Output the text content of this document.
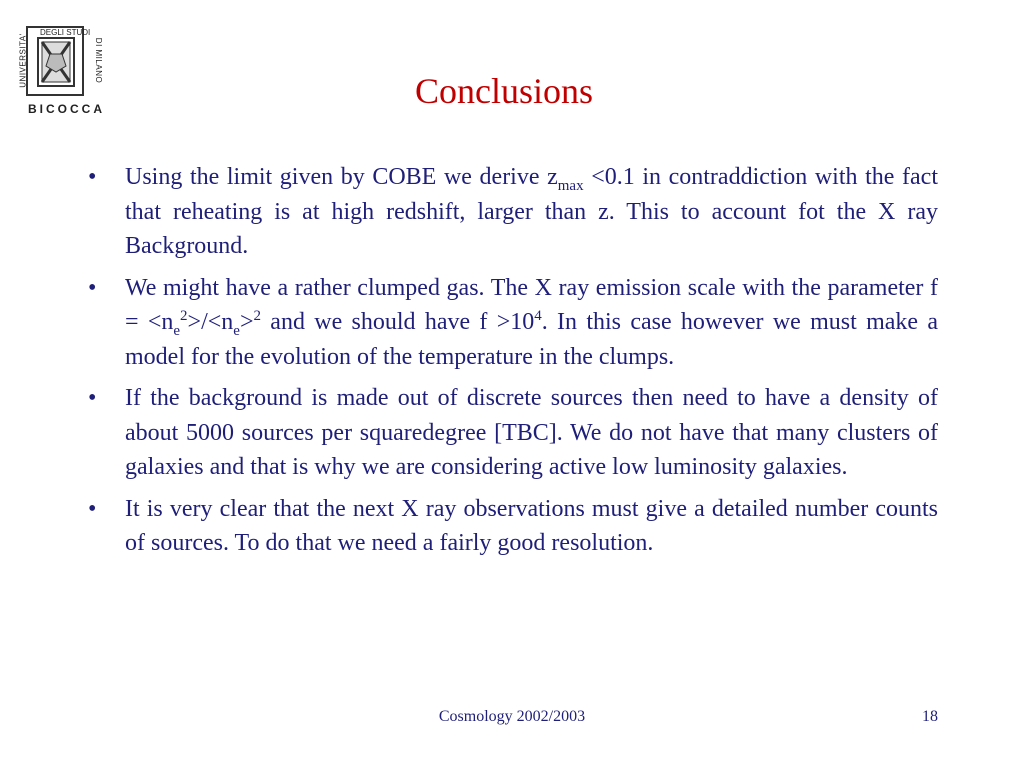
UNIVERSITA'
DEGLI STUDI
DI MILANO
BICOCCA	Conclusions
• Using the limit given by COBE we derive $z_{max} <0.1$ in contraddiction with the fact that reheating is at high redshift, larger than z. This to account fot the X ray Background.
• We might have a rather clumped gas. The X ray emission scale with the parameter $f = <n_e^2>/<n_e>^2$ and we should have $f >10^4$. In this case however we must make a model for the evolution of the temperature in the clumps.
• If the background is made out of discrete sources then need to have a density of about 5000 sources per squaredegree [TBC]. We do not have that many clusters of galaxies and that is why we are considering active low luminosity galaxies.
• It is very clear that the next X ray observations must give a detailed number counts of sources. To do that we need a fairly good resolution.
Cosmology 2002/2003	18
